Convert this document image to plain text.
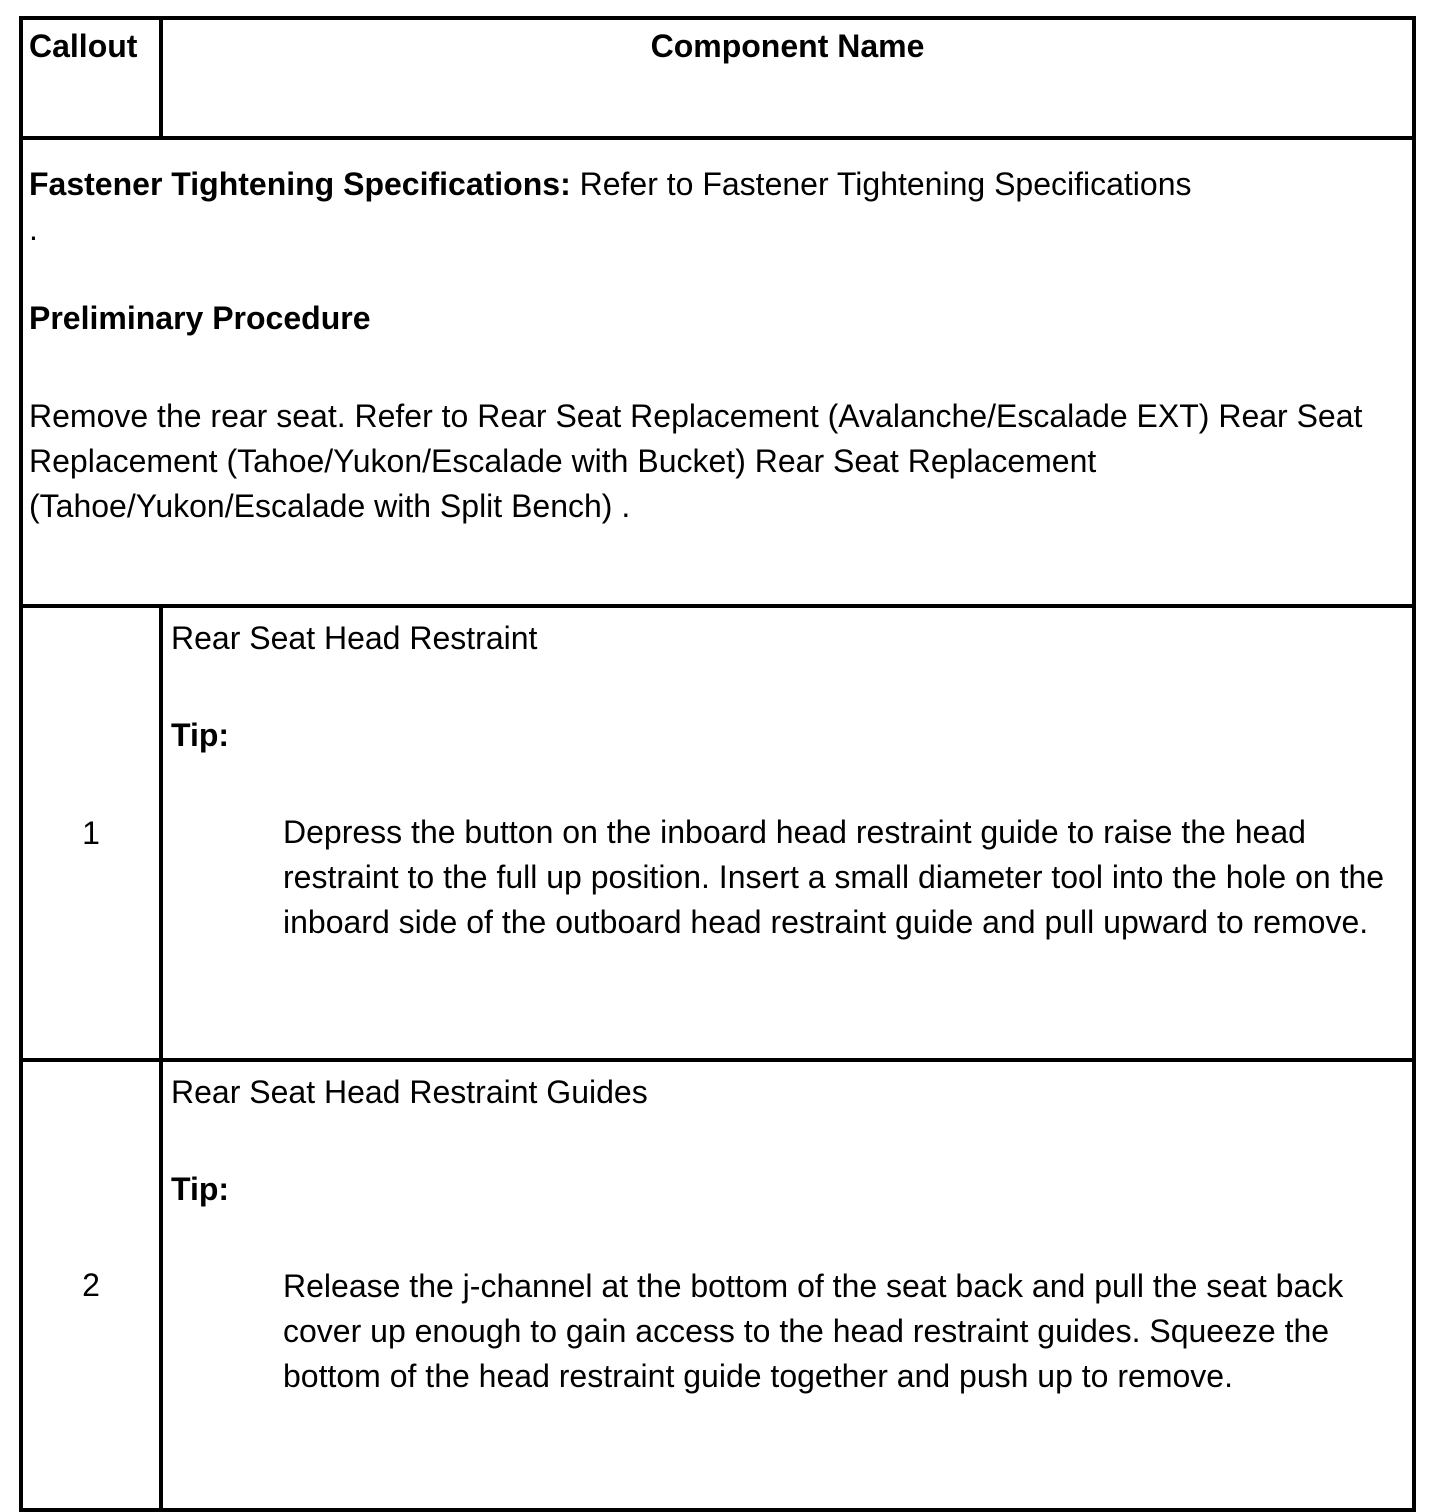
Callout	Component Name

Fastener Tightening Specifications: Refer to Fastener Tightening Specifications

.

Preliminary Procedure

Remove the rear seat. Refer to Rear Seat Replacement (Avalanche/Escalade EXT) Rear Seat Replacement (Tahoe/Yukon/Escalade with Bucket) Rear Seat Replacement (Tahoe/Yukon/Escalade with Split Bench) .	

1	Rear Seat Head Restraint

Tip:

Depress the button on the inboard head restraint guide to raise the head restraint to the full up position. Insert a small diameter tool into the hole on the inboard side of the outboard head restraint guide and pull upward to remove.

2	Rear Seat Head Restraint Guides

Tip:

Release the j-channel at the bottom of the seat back and pull the seat back cover up enough to gain access to the head restraint guides. Squeeze the bottom of the head restraint guide together and push up to remove.
